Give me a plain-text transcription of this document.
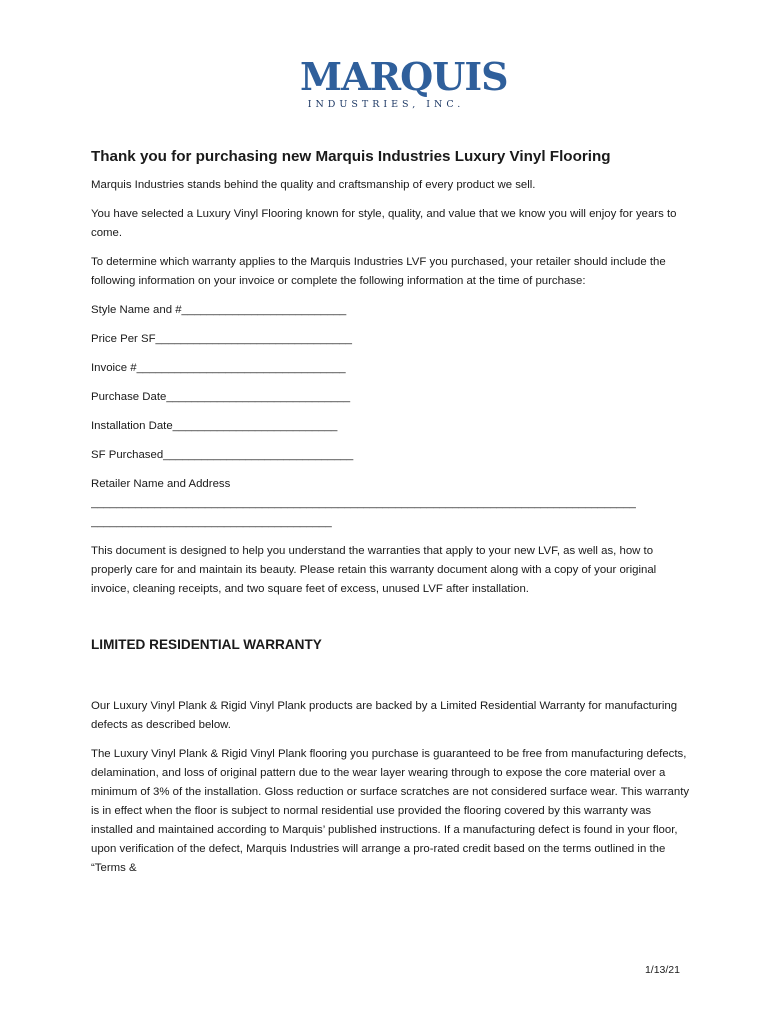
MARQUIS
INDUSTRIES, INC.
Thank you for purchasing new Marquis Industries Luxury Vinyl Flooring

Marquis Industries stands behind the quality and craftsmanship of every product we sell.

You have selected a Luxury Vinyl Flooring known for style, quality, and value that we know you will enjoy for years to come.

To determine which warranty applies to the Marquis Industries LVF you purchased, your retailer should include the following information on your invoice or complete the following information at the time of purchase:

Style Name and #__________________________
Price Per SF_______________________________
Invoice #_________________________________
Purchase Date_____________________________
Installation Date__________________________
SF Purchased______________________________
Retailer Name and Address
______________________________________________________________________________________
______________________________________

This document is designed to help you understand the warranties that apply to your new LVF, as well as, how to properly care for and maintain its beauty. Please retain this warranty document along with a copy of your original invoice, cleaning receipts, and two square feet of excess, unused LVF after installation.

LIMITED RESIDENTIAL WARRANTY

Our Luxury Vinyl Plank & Rigid Vinyl Plank products are backed by a Limited Residential Warranty for manufacturing defects as described below.

The Luxury Vinyl Plank & Rigid Vinyl Plank flooring you purchase is guaranteed to be free from manufacturing defects, delamination, and loss of original pattern due to the wear layer wearing through to expose the core material over a minimum of 3% of the installation. Gloss reduction or surface scratches are not considered surface wear. This warranty is in effect when the floor is subject to normal residential use provided the flooring covered by this warranty was installed and maintained according to Marquis’ published instructions. If a manufacturing defect is found in your floor, upon verification of the defect, Marquis Industries will arrange a pro-rated credit based on the terms outlined in the “Terms &

1/13/21
